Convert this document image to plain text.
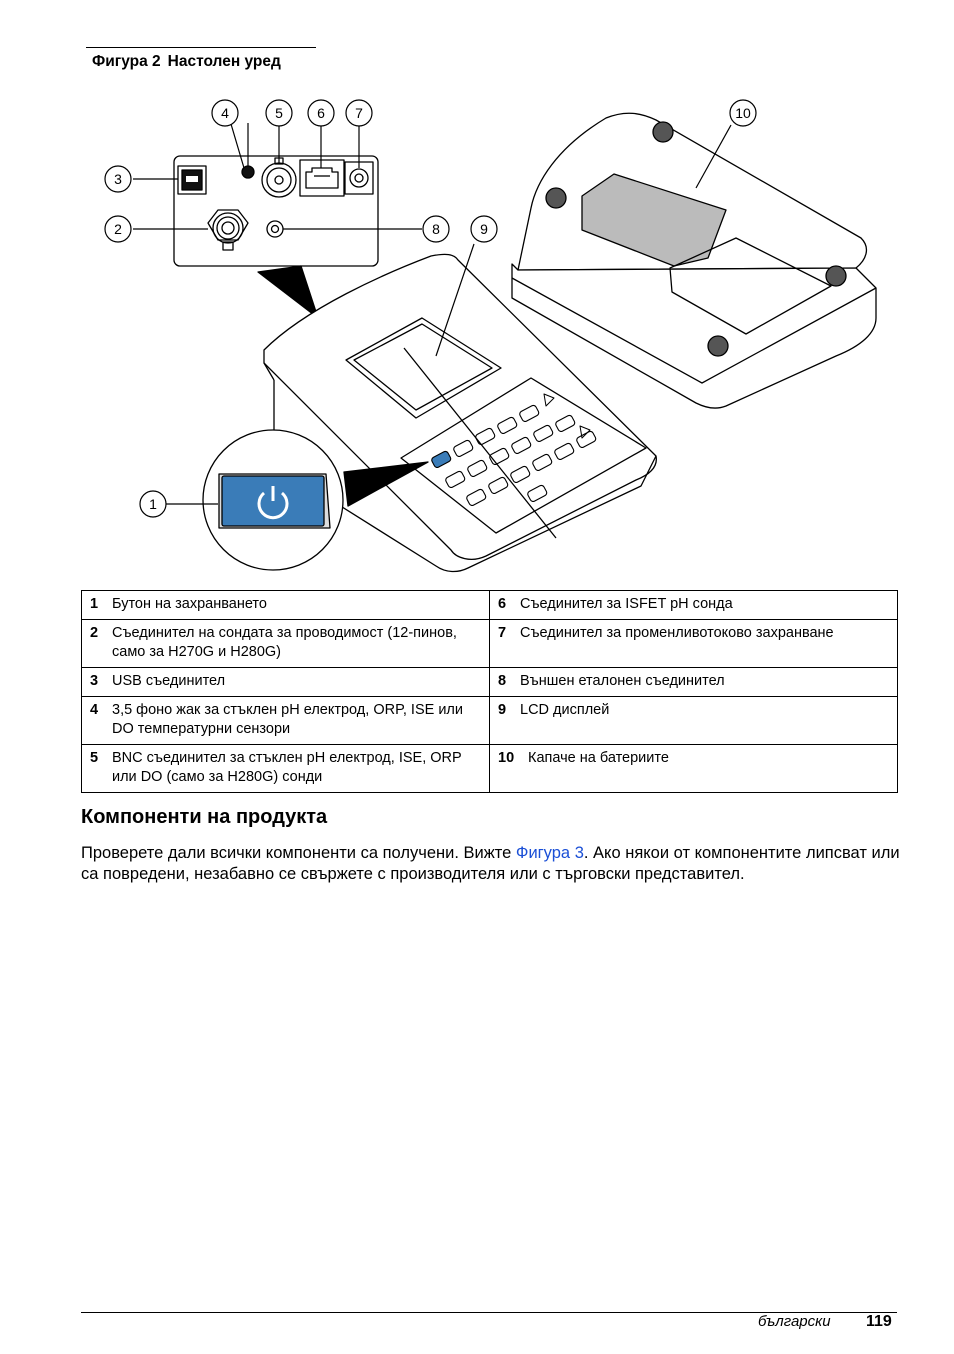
Фигура 2 Настолен уред
4	5 6 7
3
2	8	9
10
1
1 Бутон на захранването	6 Съединител за ISFET pH сонда
2 Съединител на сондата за проводимост (12-пинов, само за H270G и H280G)	7 Съединител за променливотоково захранване
3 USB съединител	8 Външен еталонен съединител
4 3,5 фоно жак за стъклен pH електрод, ORP, ISE или DO температурни сензори	9 LCD дисплей
5 BNC съединител за стъклен pH електрод, ISE, ORP или DO (само за H280G) сонди	10 Капаче на батериите
Компоненти на продукта

Проверете дали всички компоненти са получени. Вижте Фигура 3. Ако някои от компонентите липсват или са повредени, незабавно се свържете с производителя или с търговски представител.

български 119
